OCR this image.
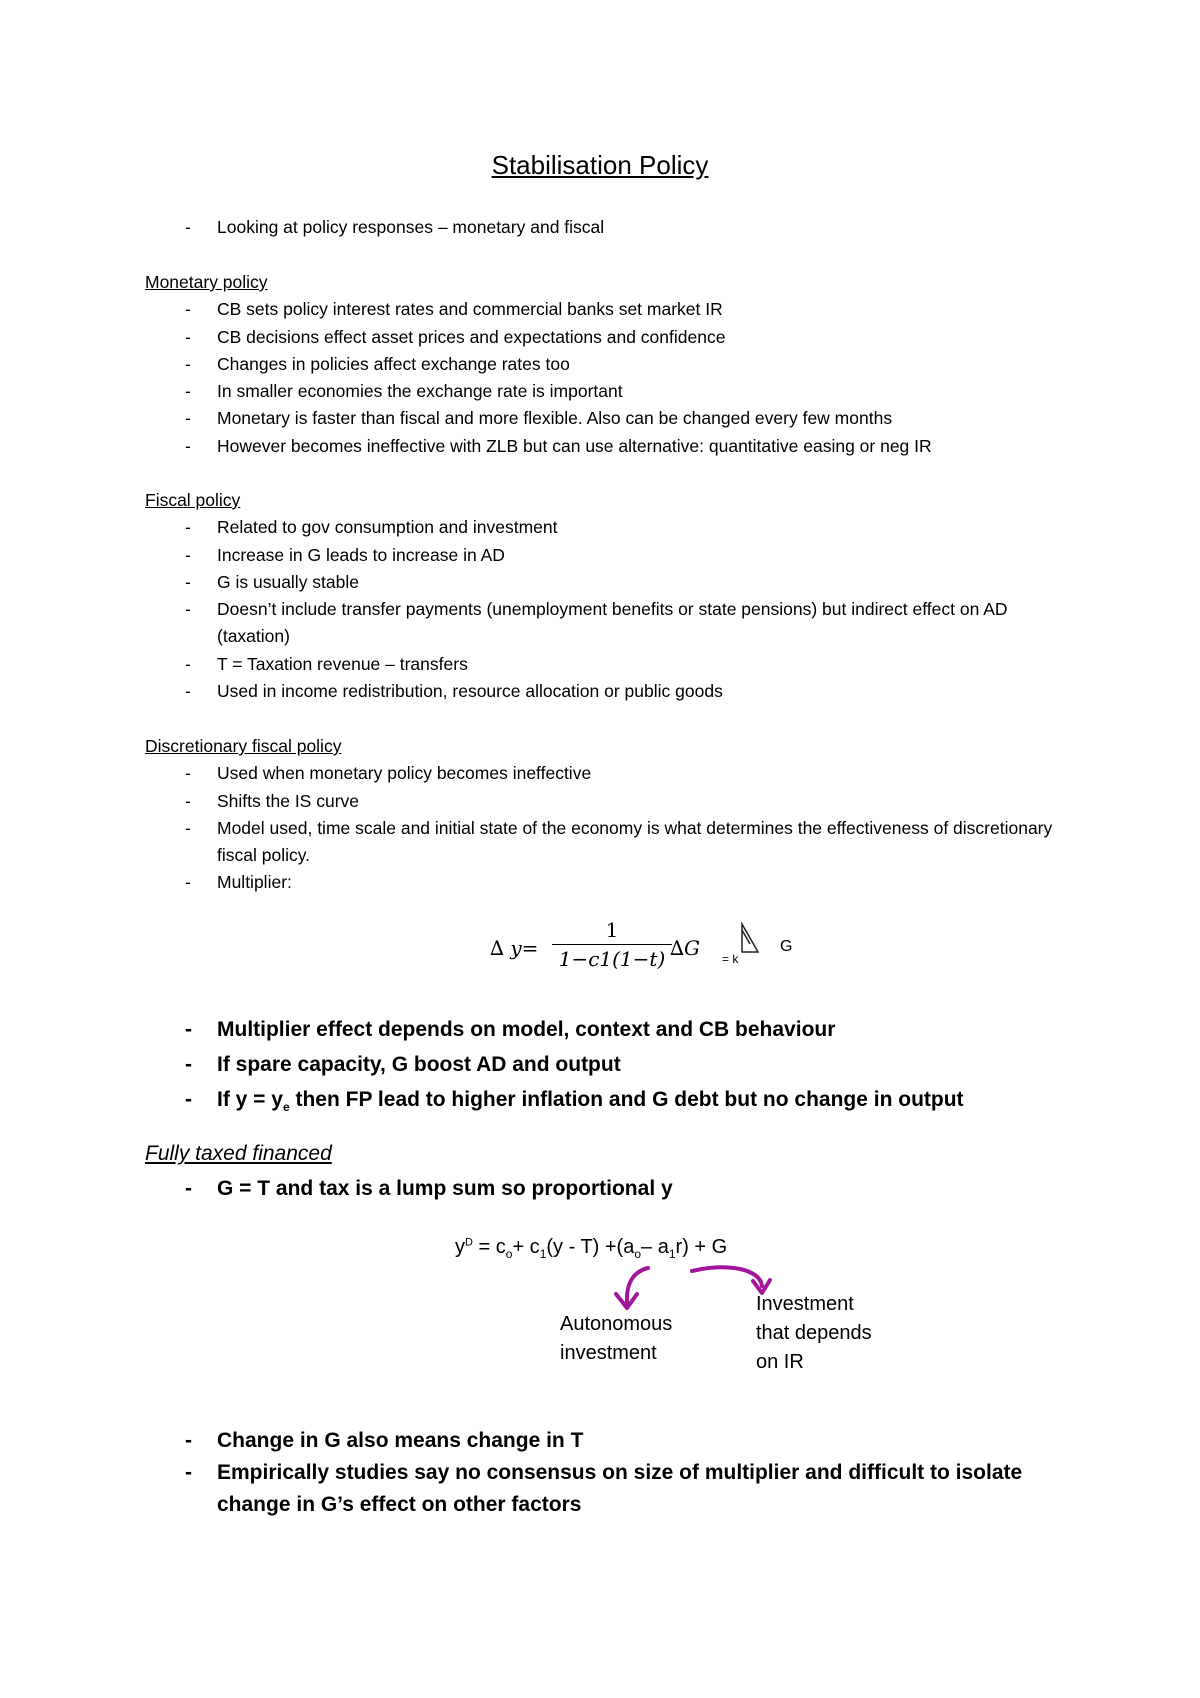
Stabilisation Policy
- Looking at policy responses – monetary and fiscal
Monetary policy
- CB sets policy interest rates and commercial banks set market IR
- CB decisions effect asset prices and expectations and confidence
- Changes in policies affect exchange rates too
- In smaller economies the exchange rate is important
- Monetary is faster than fiscal and more flexible. Also can be changed every few months
- However becomes ineffective with ZLB but can use alternative: quantitative easing or neg IR
Fiscal policy
- Related to gov consumption and investment
- Increase in G leads to increase in AD
- G is usually stable
- Doesn’t include transfer payments (unemployment benefits or state pensions) but indirect effect on AD (taxation)
- T = Taxation revenue – transfers
- Used in income redistribution, resource allocation or public goods
Discretionary fiscal policy
- Used when monetary policy becomes ineffective
- Shifts the IS curve
- Model used, time scale and initial state of the economy is what determines the effectiveness of discretionary fiscal policy.
- Multiplier:
∆ y=
1
1−c1(1−t) ∆G = k
G
- Multiplier effect depends on model, context and CB behaviour
- If spare capacity, G boost AD and output
- If $y = y_e$ then FP lead to higher inflation and G debt but no change in output
Fully taxed financed
- G = T and tax is a lump sum so proportional y
$y^D = c_o+ c_1(y - T) +(a_o-$ $a_1r) + G$
Autonomous
investment
Investment
that depends
on IR
- Change in G also means change in T
- Empirically studies say no consensus on size of multiplier and difficult to isolate change in G’s effect on other factors
